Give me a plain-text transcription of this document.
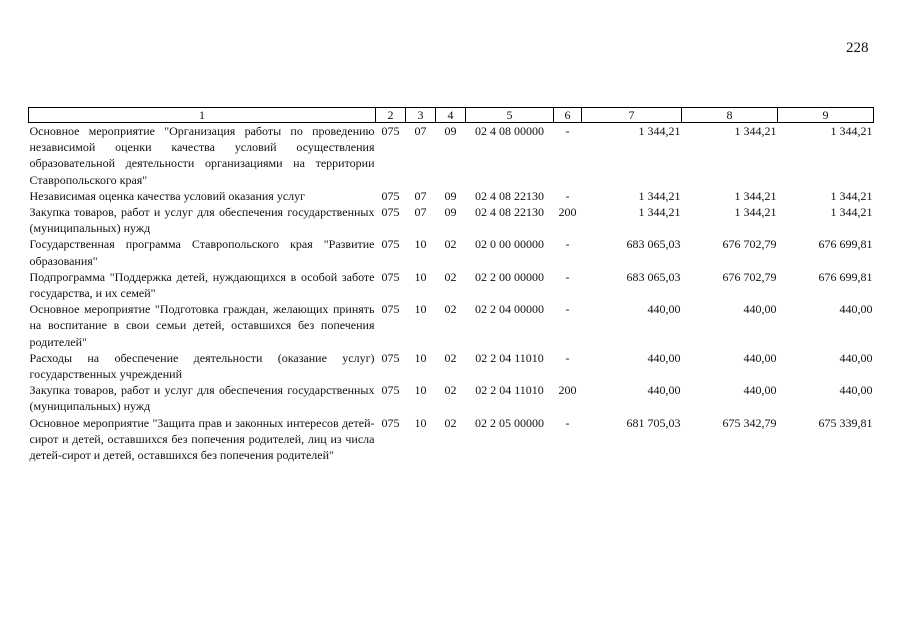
228
1	2	3	4	5	6	7	8	9
Основное мероприятие "Организация работы по проведению независимой оценки качества условий осуществления образовательной деятельности организациями на территории Ставропольского края"	075	07	09	02 4 08 00000	-	1 344,21	1 344,21	1 344,21
Независимая оценка качества условий оказания услуг	075	07	09	02 4 08 22130	-	1 344,21	1 344,21	1 344,21
Закупка товаров, работ и услуг для обеспечения государственных (муниципальных) нужд	075	07	09	02 4 08 22130	200	1 344,21	1 344,21	1 344,21
Государственная программа Ставропольского края "Развитие образования"	075	10	02	02 0 00 00000	-	683 065,03	676 702,79	676 699,81
Подпрограмма "Поддержка детей, нуждающихся в особой заботе государства, и их семей"	075	10	02	02 2 00 00000	-	683 065,03	676 702,79	676 699,81
Основное мероприятие "Подготовка граждан, желающих принять на воспитание в свои семьи детей, оставшихся без попечения родителей"	075	10	02	02 2 04 00000	-	440,00	440,00	440,00
Расходы на обеспечение деятельности (оказание услуг) государственных учреждений	075	10	02	02 2 04 11010	-	440,00	440,00	440,00
Закупка товаров, работ и услуг для обеспечения государственных (муниципальных) нужд	075	10	02	02 2 04 11010	200	440,00	440,00	440,00
Основное мероприятие "Защита прав и законных интересов детей-сирот и детей, оставшихся без попечения родителей, лиц из числа детей-сирот и детей, оставшихся без попечения родителей"	075	10	02	02 2 05 00000	-	681 705,03	675 342,79	675 339,81
